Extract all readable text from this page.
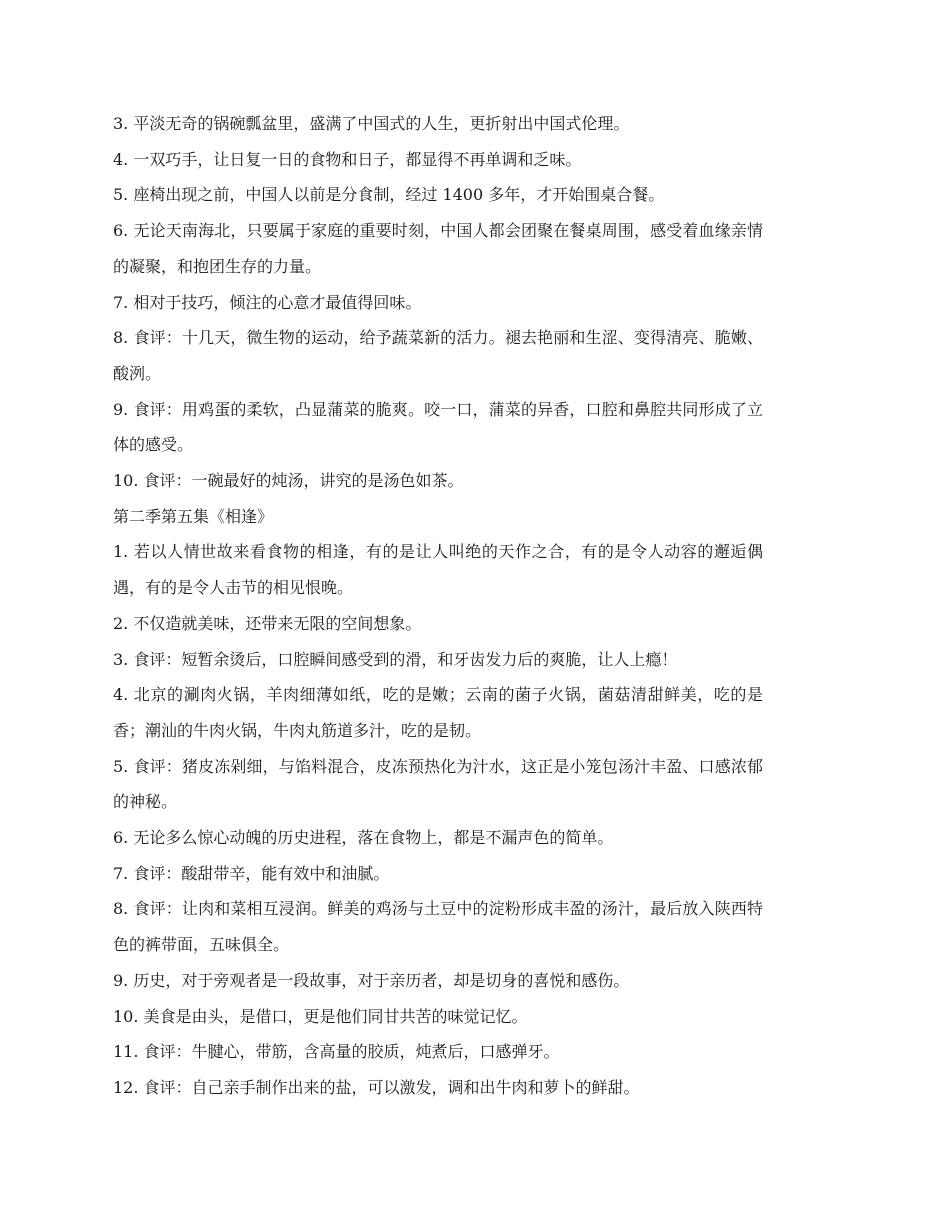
3. 平淡无奇的锅碗瓢盆里，盛满了中国式的人生，更折射出中国式伦理。

4. 一双巧手，让日复一日的食物和日子，都显得不再单调和乏味。

5. 座椅出现之前，中国人以前是分食制，经过 1400 多年，才开始围桌合餐。

6. 无论天南海北，只要属于家庭的重要时刻，中国人都会团聚在餐桌周围，感受着血缘亲情的凝聚，和抱团生存的力量。

7. 相对于技巧，倾注的心意才最值得回味。

8. 食评：十几天，微生物的运动，给予蔬菜新的活力。褪去艳丽和生涩、变得清亮、脆嫩、酸洌。

9. 食评：用鸡蛋的柔软，凸显蒲菜的脆爽。咬一口，蒲菜的异香，口腔和鼻腔共同形成了立体的感受。

10. 食评：一碗最好的炖汤，讲究的是汤色如茶。

第二季第五集《相逢》

1. 若以人情世故来看食物的相逢，有的是让人叫绝的天作之合，有的是令人动容的邂逅偶遇，有的是令人击节的相见恨晚。

2. 不仅造就美味，还带来无限的空间想象。

3. 食评：短暂余烫后，口腔瞬间感受到的滑，和牙齿发力后的爽脆，让人上瘾！

4. 北京的涮肉火锅，羊肉细薄如纸，吃的是嫩；云南的菌子火锅，菌菇清甜鲜美，吃的是香；潮汕的牛肉火锅，牛肉丸筋道多汁，吃的是韧。

5. 食评：猪皮冻剁细，与馅料混合，皮冻预热化为汁水，这正是小笼包汤汁丰盈、口感浓郁的神秘。

6. 无论多么惊心动魄的历史进程，落在食物上，都是不漏声色的简单。

7. 食评：酸甜带辛，能有效中和油腻。

8. 食评：让肉和菜相互浸润。鲜美的鸡汤与土豆中的淀粉形成丰盈的汤汁，最后放入陕西特色的裤带面，五味俱全。

9. 历史，对于旁观者是一段故事，对于亲历者，却是切身的喜悦和感伤。

10. 美食是由头，是借口，更是他们同甘共苦的味觉记忆。

11. 食评：牛腱心，带筋，含高量的胶质，炖煮后，口感弹牙。

12. 食评：自己亲手制作出来的盐，可以激发，调和出牛肉和萝卜的鲜甜。
